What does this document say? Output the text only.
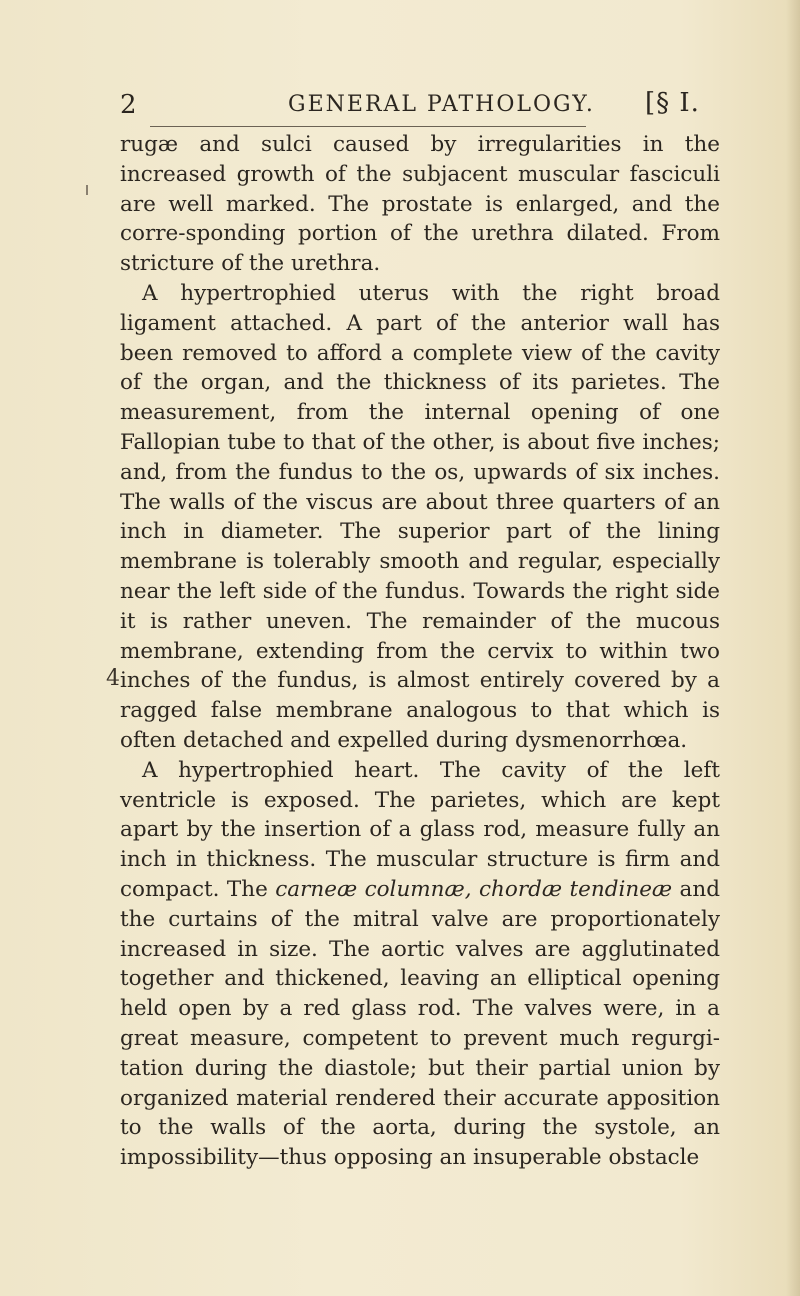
2	GENERAL PATHOLOGY. [§ I.
4

rugæ and sulci caused by irregularities in the increased growth of the subjacent muscular fasciculi are well marked. The prostate is enlarged, and the corre-sponding portion of the urethra dilated. From stricture of the urethra.

A hypertrophied uterus with the right broad ligament attached. A part of the anterior wall has been removed to afford a complete view of the cavity of the organ, and the thickness of its parietes. The measurement, from the internal opening of one Fallopian tube to that of the other, is about five inches; and, from the fundus to the os, upwards of six inches. The walls of the viscus are about three quarters of an inch in diameter. The superior part of the lining membrane is tolerably smooth and regular, especially near the left side of the fundus. Towards the right side it is rather uneven. The remainder of the mucous membrane, extending from the cervix to within two inches of the fundus, is almost entirely covered by a ragged false membrane analogous to that which is often detached and expelled during dysmenorrhœa.

A hypertrophied heart. The cavity of the left ventricle is exposed. The parietes, which are kept apart by the insertion of a glass rod, measure fully an inch in thickness. The muscular structure is firm and compact. The carneæ columnæ, chordæ tendineæ and the curtains of the mitral valve are proportionately increased in size. The aortic valves are agglutinated together and thickened, leaving an elliptical opening held open by a red glass rod. The valves were, in a great measure, competent to prevent much regurgi-tation during the diastole; but their partial union by organized material rendered their accurate apposition to the walls of the aorta, during the systole, an impossibility—thus opposing an insuperable obstacle
